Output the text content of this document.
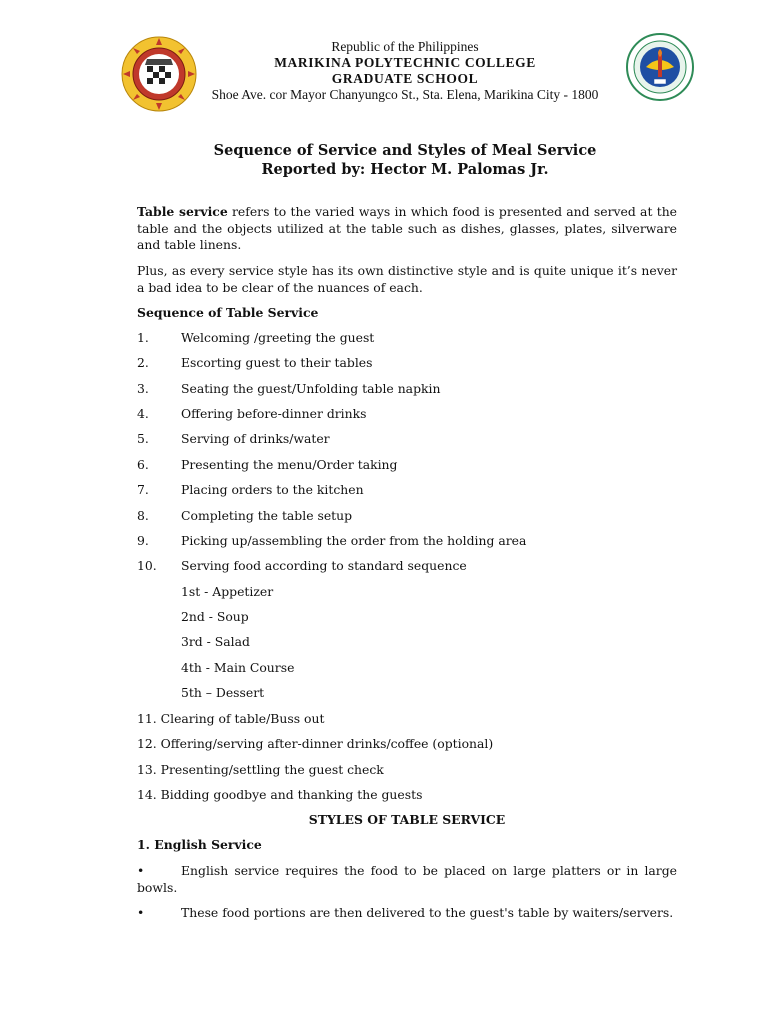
Republic of the Philippines
MARIKINA POLYTECHNIC COLLEGE
GRADUATE SCHOOL
Shoe Ave. cor Mayor Chanyungco St., Sta. Elena, Marikina City - 1800
Sequence of Service and Styles of Meal Service
Reported by: Hector M. Palomas Jr.
Table service refers to the varied ways in which food is presented and served at the table and the objects utilized at the table such as dishes, glasses, plates, silverware and table linens.
Plus, as every service style has its own distinctive style and is quite unique it’s never a bad idea to be clear of the nuances of each.
Sequence of Table Service
1.	Welcoming /greeting the guest
2.	Escorting guest to their tables
3.	Seating the guest/Unfolding table napkin
4.	Offering before-dinner drinks
5.	Serving of drinks/water
6.	Presenting the menu/Order taking
7.	Placing orders to the kitchen
8.	Completing the table setup
9.	Picking up/assembling the order from the holding area
10. Serving food according to standard sequence
1st - Appetizer
2nd - Soup
3rd - Salad
4th - Main Course
5th – Dessert
11. Clearing of table/Buss out
12. Offering/serving after-dinner drinks/coffee (optional)
13. Presenting/settling the guest check
14. Bidding goodbye and thanking the guests
STYLES OF TABLE SERVICE
1. English Service
•	English service requires the food to be placed on large platters or in large bowls.
•	These food portions are then delivered to the guest's table by waiters/servers.
